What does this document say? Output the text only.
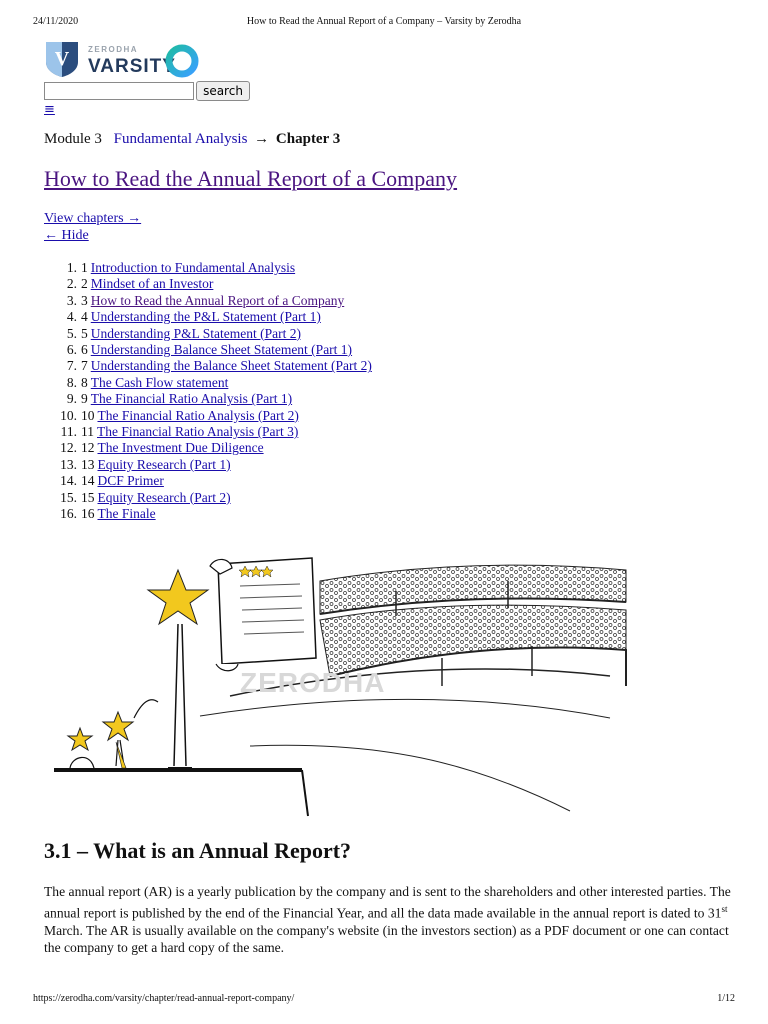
24/11/2020	How to Read the Annual Report of a Company – Varsity by Zerodha
V ZERODHA
VARSITY
search
≡
Module 3 Fundamental Analysis → Chapter 3
How to Read the Annual Report of a Company
View chapters →
← Hide
1. 1 Introduction to Fundamental Analysis
2. 2 Mindset of an Investor
3. 3 How to Read the Annual Report of a Company
4. 4 Understanding the P&L Statement (Part 1)
5. 5 Understanding P&L Statement (Part 2)
6. 6 Understanding Balance Sheet Statement (Part 1)
7. 7 Understanding the Balance Sheet Statement (Part 2)
8. 8 The Cash Flow statement
9. 9 The Financial Ratio Analysis (Part 1)
10. 10 The Financial Ratio Analysis (Part 2)
11. 11 The Financial Ratio Analysis (Part 3)
12. 12 The Investment Due Diligence
13. 13 Equity Research (Part 1)
14. 14 DCF Primer
15. 15 Equity Research (Part 2)
16. 16 The Finale
ZERODHA
3.1 – What is an Annual Report?

The annual report (AR) is a yearly publication by the company and is sent to the shareholders and other interested parties. The annual report is published by the end of the Financial Year, and all the data made available in the annual report is dated to 31st March. The AR is usually available on the company's website (in the investors section) as a PDF document or one can contact the company to get a hard copy of the same.

https://zerodha.com/varsity/chapter/read-annual-report-company/	1/12
